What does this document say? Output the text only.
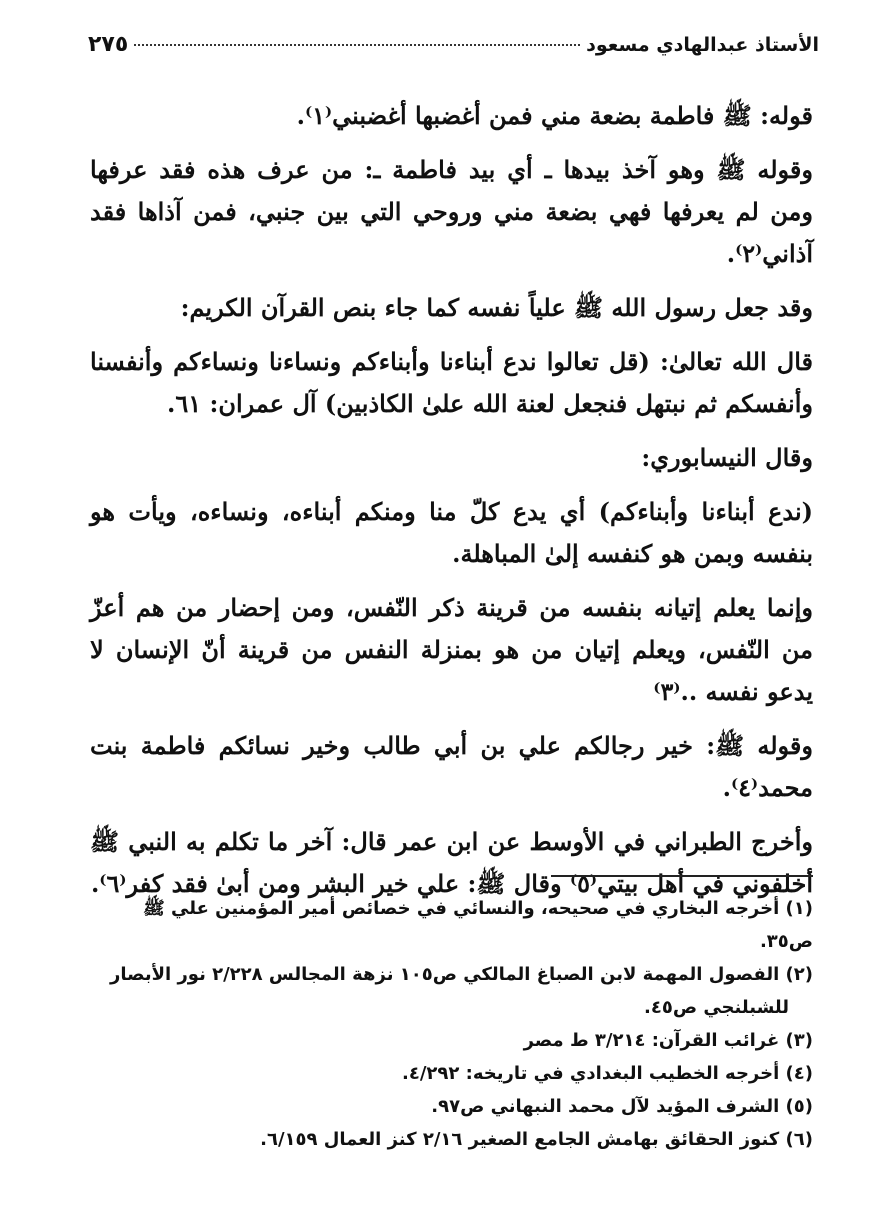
الأستاذ عبدالهادي مسعود
٢٧٥

قوله: ﷺ فاطمة بضعة مني فمن أغضبها أغضبني⁽١⁾.

وقوله ﷺ وهو آخذ بيدها ـ أي بيد فاطمة ـ: من عرف هذه فقد عرفها ومن لم يعرفها فهي بضعة مني وروحي التي بين جنبي، فمن آذاها فقد آذاني⁽٢⁾.

وقد جعل رسول الله ﷺ علياً نفسه كما جاء بنص القرآن الكريم:

قال الله تعالىٰ: (قل تعالوا ندع أبناءنا وأبناءكم ونساءنا ونساءكم وأنفسنا وأنفسكم ثم نبتهل فنجعل لعنة الله علىٰ الكاذبين) آل عمران: ٦١.

وقال النيسابوري:

(ندع أبناءنا وأبناءكم) أي يدع كلّ منا ومنكم أبناءه، ونساءه، ويأت هو بنفسه وبمن هو كنفسه إلىٰ المباهلة.

وإنما يعلم إتيانه بنفسه من قرينة ذكر النّفس، ومن إحضار من هم أعزّ من النّفس، ويعلم إتيان من هو بمنزلة النفس من قرينة أنّ الإنسان لا يدعو نفسه ..⁽٣⁾

وقوله ﷺ: خير رجالكم علي بن أبي طالب وخير نسائكم فاطمة بنت محمد⁽٤⁾.

وأخرج الطبراني في الأوسط عن ابن عمر قال: آخر ما تكلم به النبي ﷺ أخلفوني في أهل بيتي⁽٥⁾ وقال ﷺ: علي خير البشر ومن أبىٰ فقد كفر⁽٦⁾.

(١) أخرجه البخاري في صحيحه، والنسائي في خصائص أمير المؤمنين علي ﷺ ص٣٥.

(٢) الفصول المهمة لابن الصباغ المالكي ص١٠٥ نزهة المجالس ٢/٢٢٨ نور الأبصار

للشبلنجي ص٤٥.

(٣) غرائب القرآن: ٣/٢١٤ ط مصر

(٤) أخرجه الخطيب البغدادي في تاريخه: ٤/٢٩٢.

(٥) الشرف المؤيد لآل محمد النبهاني ص٩٧.

(٦) كنوز الحقائق بهامش الجامع الصغير ٢/١٦ كنز العمال ٦/١٥٩.
